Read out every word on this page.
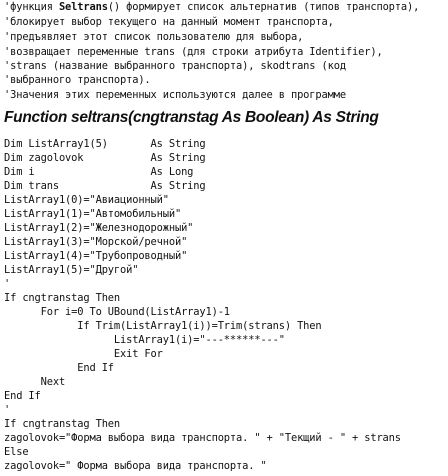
'функция Seltrans() формирует список альтернатив (типов транспорта),
'блокирует выбор текущего на данный момент транспорта,
'предъявляет этот список пользователю для выбора,
'возвращает переменные trans (для строки атрибута Identifier),
'strans (название выбранного транспорта), skodtrans (код
'выбранного транспорта).
'Значения этих переменных используются далее в программе
Function seltrans(cngtranstag As Boolean) As String
Dim ListArray1(5)       As String
Dim zagolovok           As String
Dim i                   As Long
Dim trans               As String
ListArray1(0)="Авиационный"
ListArray1(1)="Автомобильный"
ListArray1(2)="Железнодорожный"
ListArray1(3)="Морской/речной"
ListArray1(4)="Трубопроводный"
ListArray1(5)="Другой"
'
If cngtranstag Then
For i=0 To UBound(ListArray1)-1
If Trim(ListArray1(i))=Trim(strans) Then
ListArray1(i)="---******---"
Exit For
End If
Next
End If
'
If cngtranstag Then
zagolovok="Форма выбора вида транспорта. " + "Текщий - " + strans
Else
zagolovok=" Форма выбора вида транспорта. "
